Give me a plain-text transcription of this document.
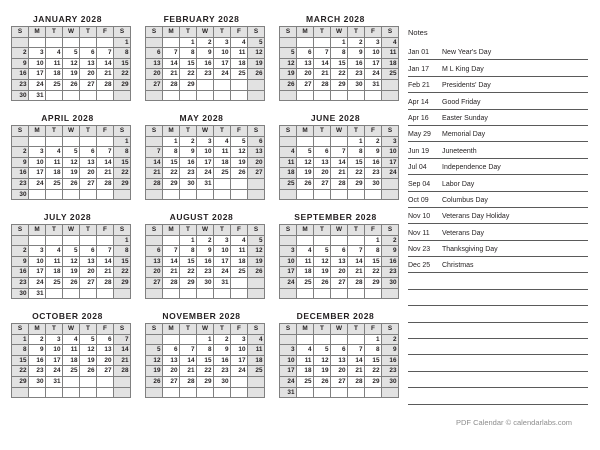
JANUARY 2028
S	M	T	W	T	F	S
						1
2	3	4	5	6	7	8
9	10	11	12	13	14	15
16	17	18	19	20	21	22
23	24	25	26	27	28	29
30	31					
FEBRUARY 2028
S	M	T	W	T	F	S
		1	2	3	4	5
6	7	8	9	10	11	12
13	14	15	16	17	18	19
20	21	22	23	24	25	26
27	28	29				

MARCH 2028
S	M	T	W	T	F	S
			1	2	3	4
5	6	7	8	9	10	11
12	13	14	15	16	17	18
19	20	21	22	23	24	25
26	27	28	29	30	31	

APRIL 2028
S	M	T	W	T	F	S
						1
2	3	4	5	6	7	8
9	10	11	12	13	14	15
16	17	18	19	20	21	22
23	24	25	26	27	28	29
30						
MAY 2028
S	M	T	W	T	F	S
	1	2	3	4	5	6
7	8	9	10	11	12	13
14	15	16	17	18	19	20
21	22	23	24	25	26	27
28	29	30	31			

JUNE 2028
S	M	T	W	T	F	S
				1	2	3
4	5	6	7	8	9	10
11	12	13	14	15	16	17
18	19	20	21	22	23	24
25	26	27	28	29	30	

JULY 2028
S	M	T	W	T	F	S
						1
2	3	4	5	6	7	8
9	10	11	12	13	14	15
16	17	18	19	20	21	22
23	24	25	26	27	28	29
30	31					
AUGUST 2028
S	M	T	W	T	F	S
		1	2	3	4	5
6	7	8	9	10	11	12
13	14	15	16	17	18	19
20	21	22	23	24	25	26
27	28	29	30	31		

SEPTEMBER 2028
S	M	T	W	T	F	S
					1	2
3	4	5	6	7	8	9
10	11	12	13	14	15	16
17	18	19	20	21	22	23
24	25	26	27	28	29	30

OCTOBER 2028
S	M	T	W	T	F	S
1	2	3	4	5	6	7
8	9	10	11	12	13	14
15	16	17	18	19	20	21
22	23	24	25	26	27	28
29	30	31				

NOVEMBER 2028
S	M	T	W	T	F	S
			1	2	3	4
5	6	7	8	9	10	11
12	13	14	15	16	17	18
19	20	21	22	23	24	25
26	27	28	29	30		

DECEMBER 2028
S	M	T	W	T	F	S
					1	2
3	4	5	6	7	8	9
10	11	12	13	14	15	16
17	18	19	20	21	22	23
24	25	26	27	28	29	30
31						
Notes
Jan 01	New Year's Day
Jan 17	M L King Day
Feb 21	Presidents' Day
Apr 14	Good Friday
Apr 16	Easter Sunday
May 29	Memorial Day
Jun 19	Juneteenth
Jul 04	Independence Day
Sep 04	Labor Day
Oct 09	Columbus Day
Nov 10	Veterans Day Holiday
Nov 11	Veterans Day
Nov 23	Thanksgiving Day
Dec 25	Christmas
PDF Calendar © calendarlabs.com
